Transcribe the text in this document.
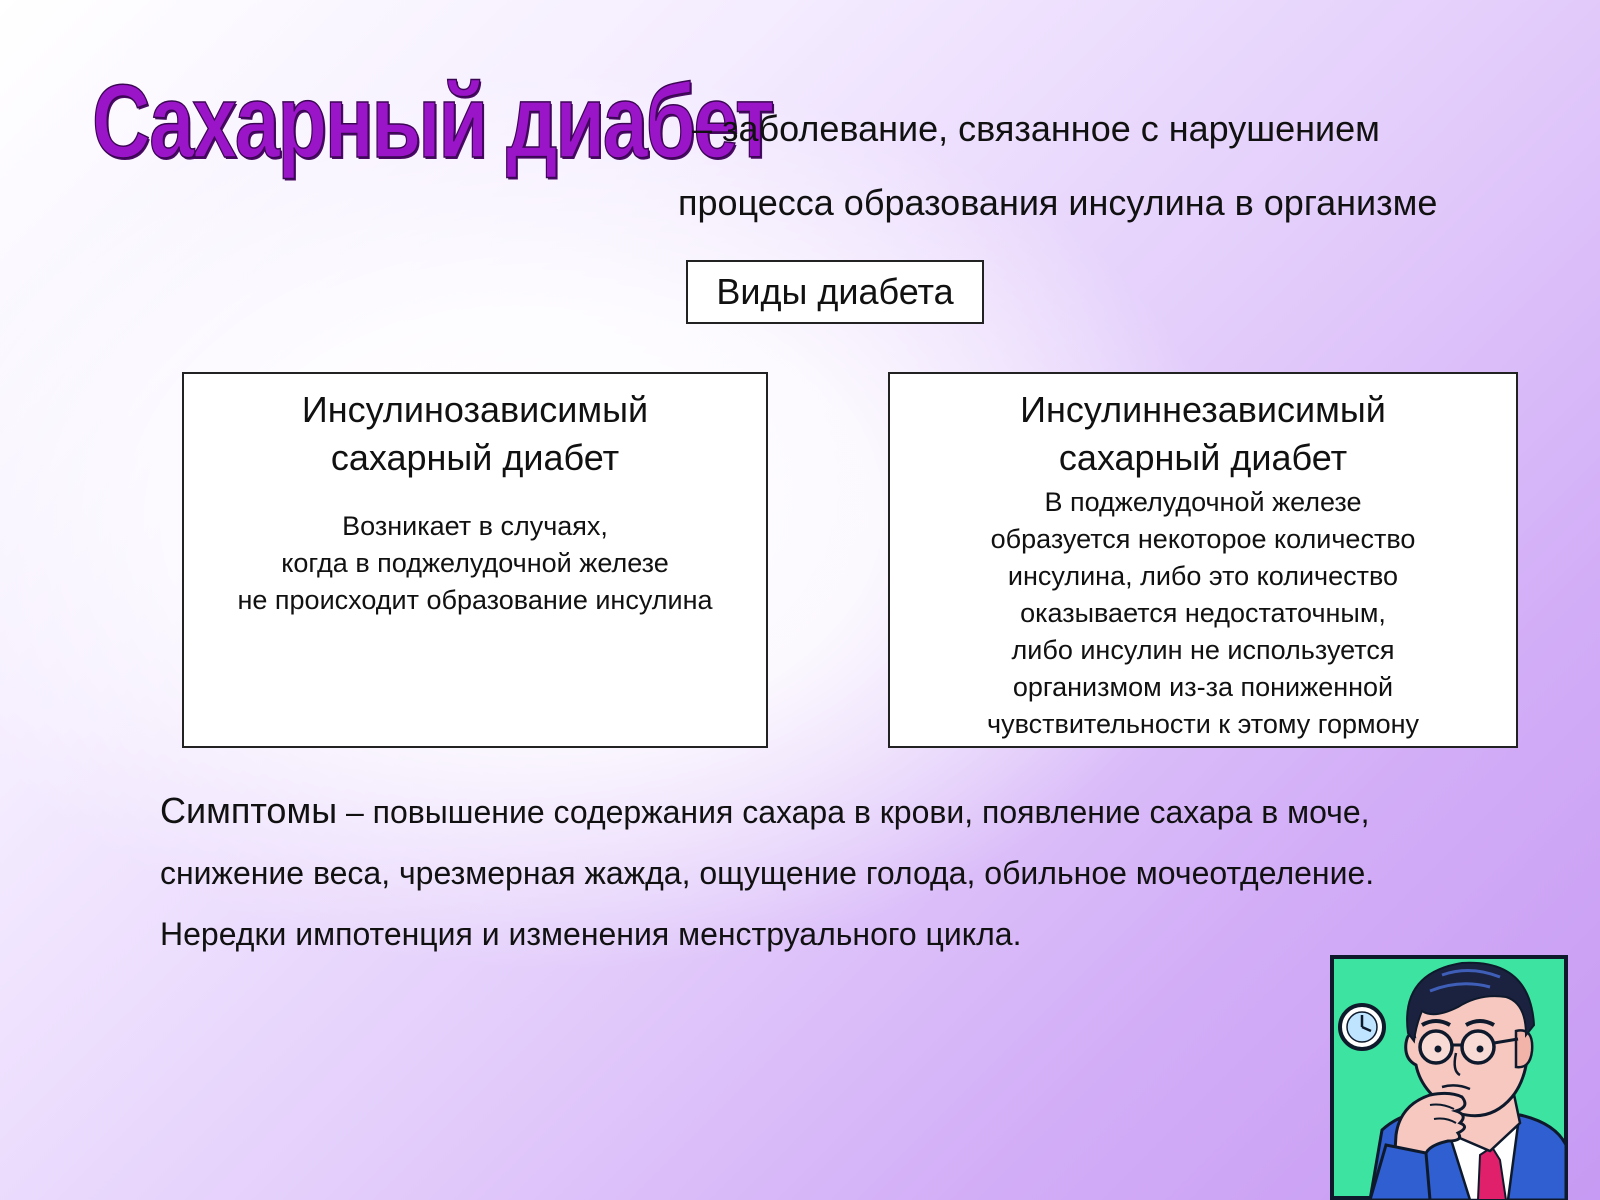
Сахарный диабет
– заболевание, связанное с нарушением
процесса образования инсулина в организме
Виды диабета
Инсулинозависимый
сахарный диабет
Возникает в случаях,
когда в поджелудочной железе
не происходит образование инсулина
Инсулиннезависимый
сахарный диабет
В поджелудочной железе
образуется некоторое количество
инсулина, либо это количество
оказывается недостаточным,
либо инсулин не используется
организмом из-за пониженной
чувствительности к этому гормону
Симптомы – повышение содержания сахара в крови, появление сахара в моче,
снижение веса, чрезмерная жажда, ощущение голода, обильное мочеотделение.
Нередки импотенция и изменения менструального цикла.
